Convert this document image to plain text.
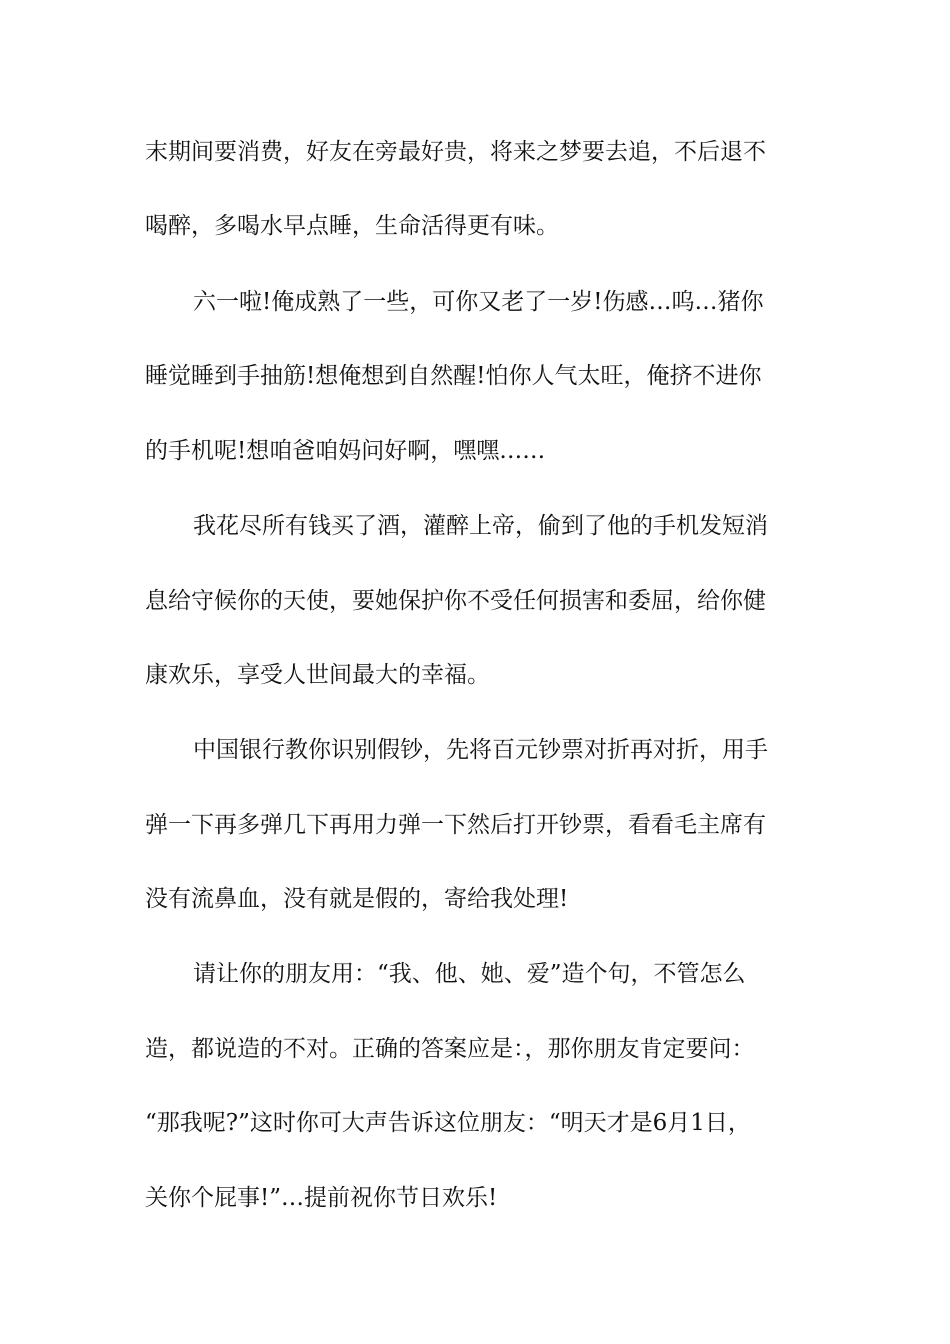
末期间要消费，好友在旁最好贵，将来之梦要去追，不后退不
喝醉，多喝水早点睡，生命活得更有味。
六一啦!俺成熟了一些，可你又老了一岁!伤感…呜…猪你
睡觉睡到手抽筋!想俺想到自然醒!怕你人气太旺，俺挤不进你
的手机呢!想咱爸咱妈问好啊，嘿嘿……
我花尽所有钱买了酒，灌醉上帝，偷到了他的手机发短消
息给守候你的天使，要她保护你不受任何损害和委屈，给你健
康欢乐，享受人世间最大的幸福。
中国银行教你识别假钞，先将百元钞票对折再对折，用手
弹一下再多弹几下再用力弹一下然后打开钞票，看看毛主席有
没有流鼻血，没有就是假的，寄给我处理!
请让你的朋友用：“我、他、她、爱”造个句，不管怎么
造，都说造的不对。正确的答案应是：，那你朋友肯定要问：
“那我呢?”这时你可大声告诉这位朋友：“明天才是6月1日，
关你个屁事!”…提前祝你节日欢乐!
